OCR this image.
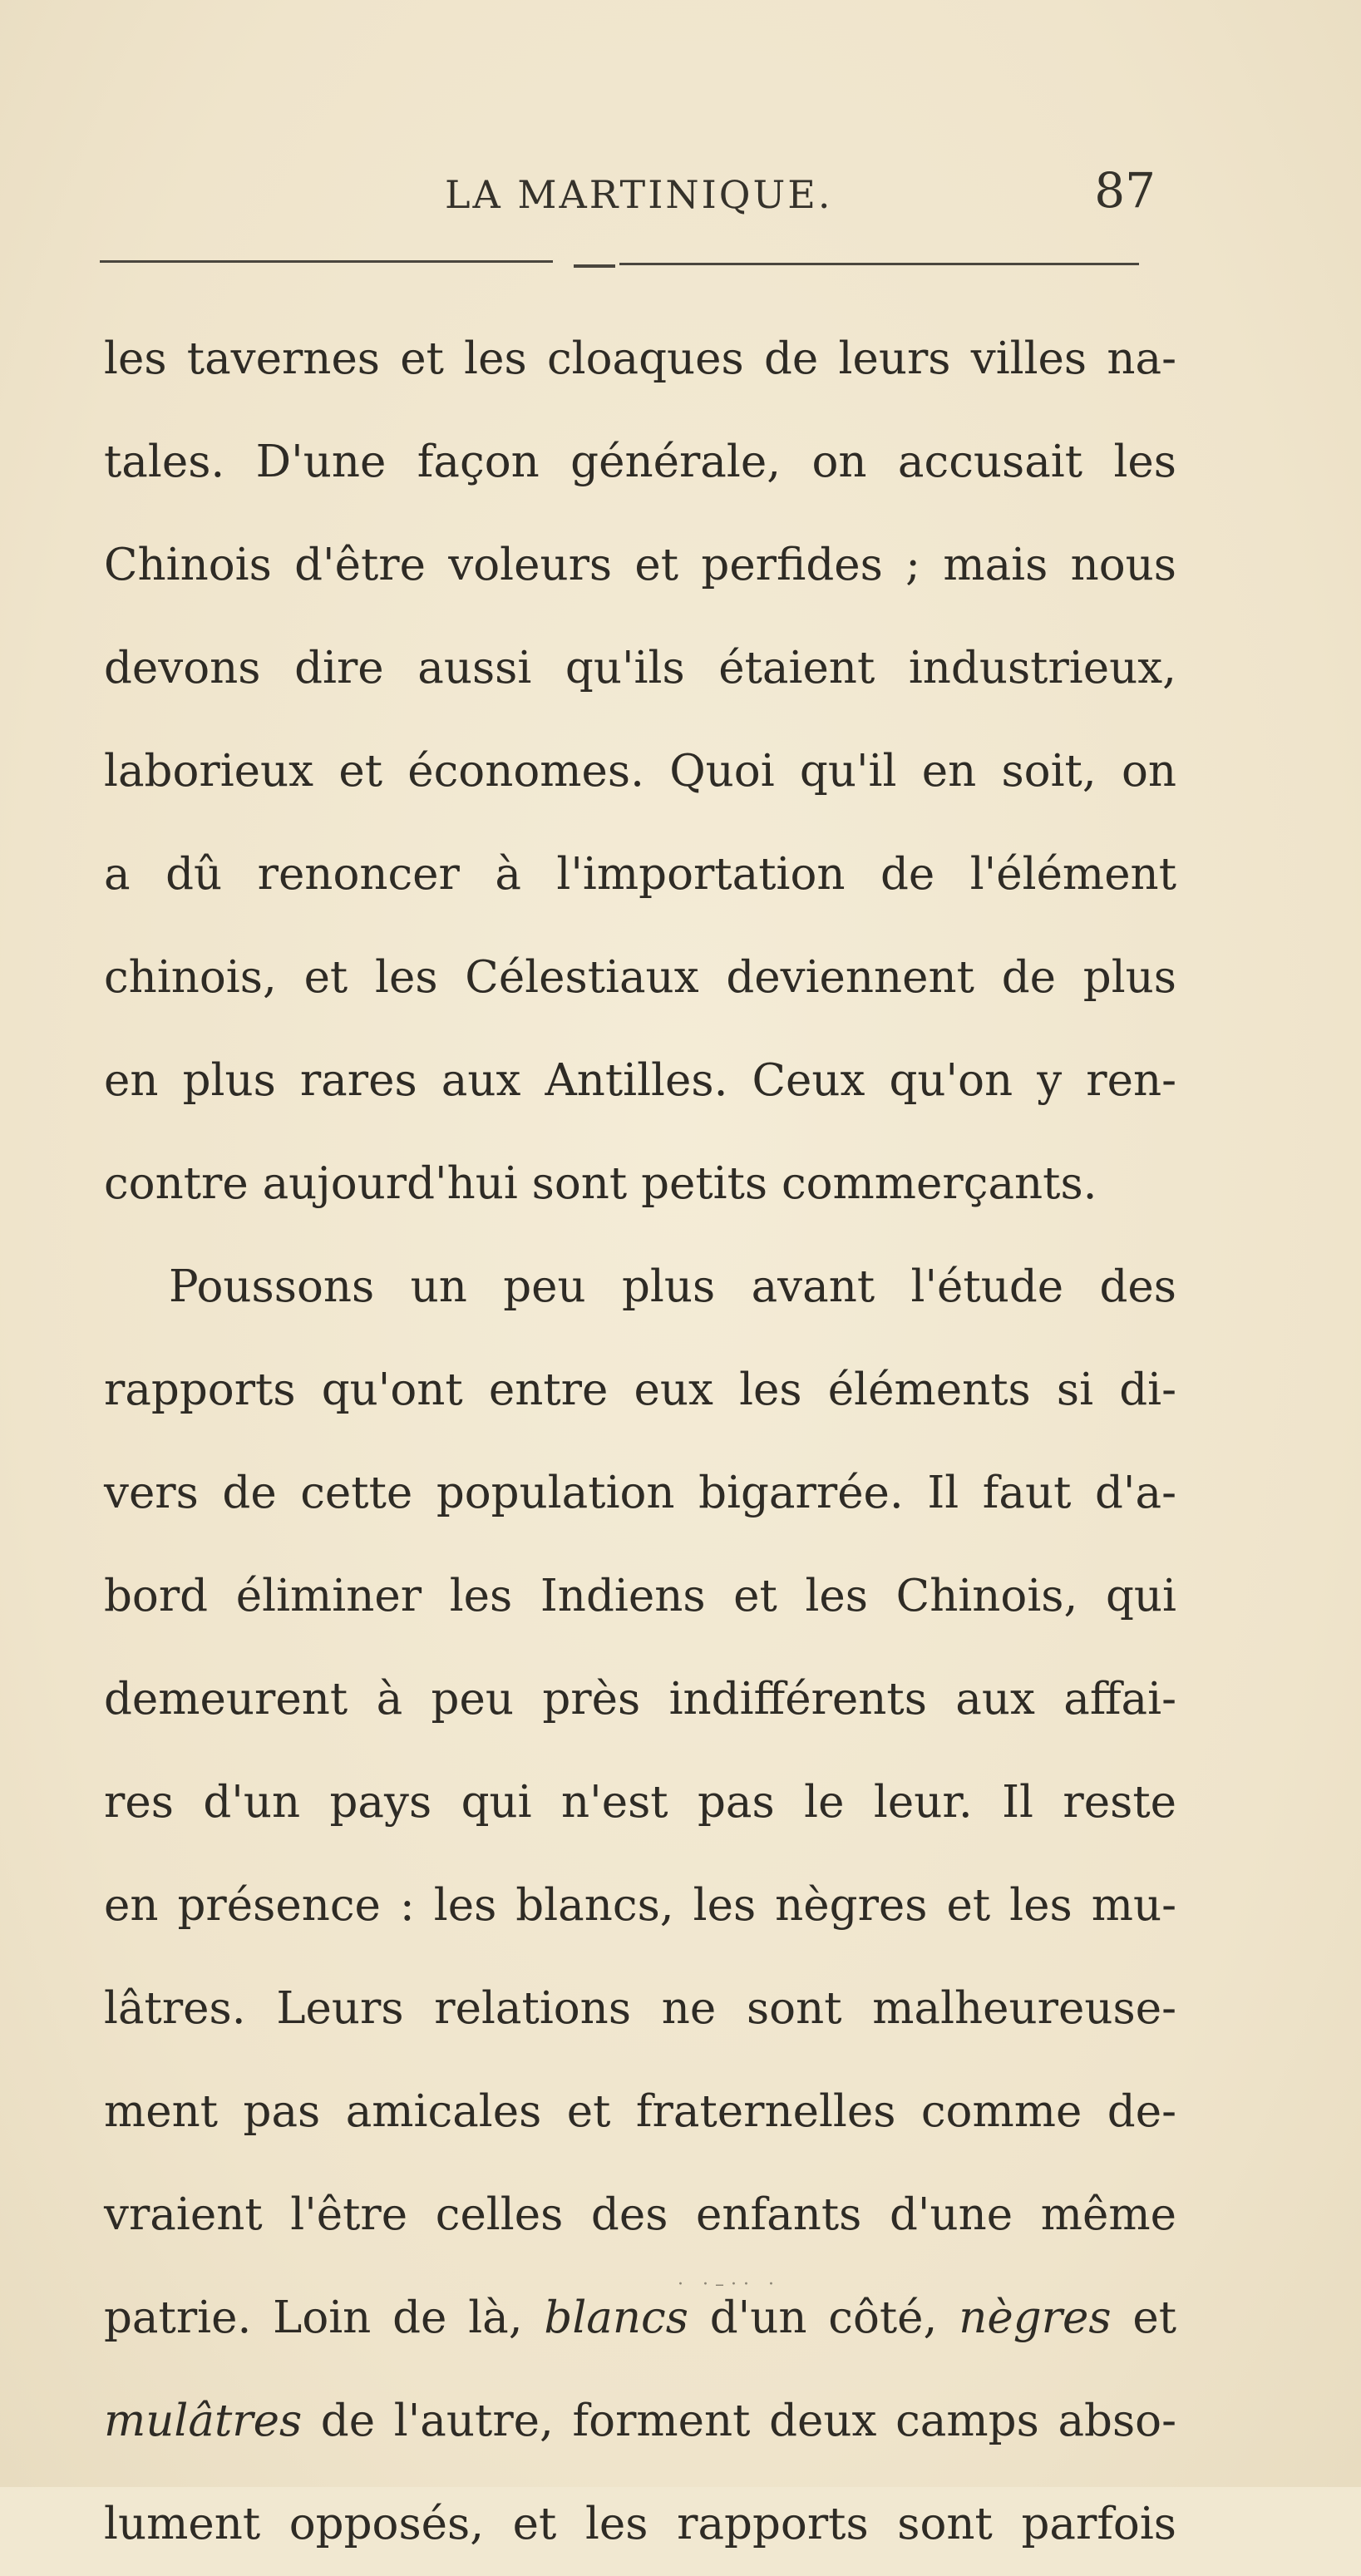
LA MARTINIQUE.	87
les tavernes et les cloaques de leurs villes na-
tales. D'une façon générale, on accusait les
Chinois d'être voleurs et perfides ; mais nous
devons dire aussi qu'ils étaient industrieux,
laborieux et économes. Quoi qu'il en soit, on
a dû renoncer à l'importation de l'élément
chinois, et les Célestiaux deviennent de plus
en plus rares aux Antilles. Ceux qu'on y ren-
contre aujourd'hui sont petits commerçants.
Poussons un peu plus avant l'étude des
rapports qu'ont entre eux les éléments si di-
vers de cette population bigarrée. Il faut d'a-
bord éliminer les Indiens et les Chinois, qui
demeurent à peu près indifférents aux affai-
res d'un pays qui n'est pas le leur. Il reste
en présence : les blancs, les nègres et les mu-
lâtres. Leurs relations ne sont malheureuse-
ment pas amicales et fraternelles comme de-
vraient l'être celles des enfants d'une même
patrie. Loin de là, blancs d'un côté, nègres et
mulâtres de l'autre, forment deux camps abso-
lument opposés, et les rapports sont parfois
· ·–·· ·
